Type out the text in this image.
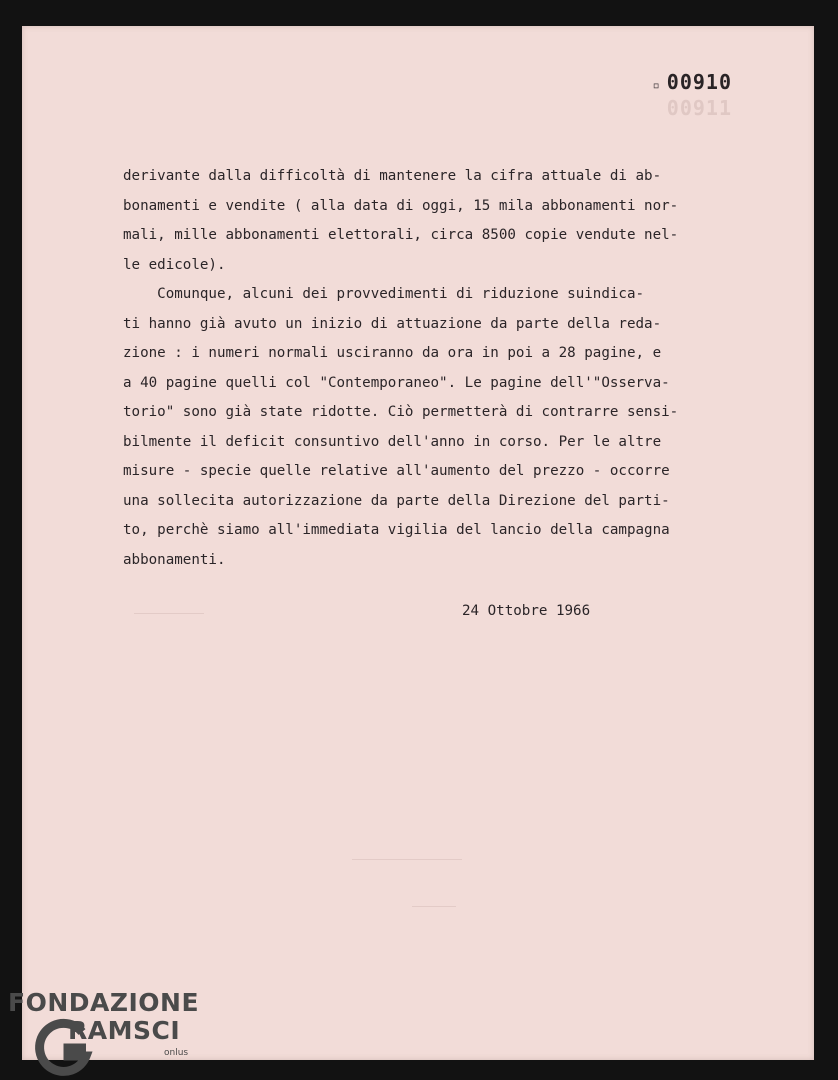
▫ 00910
00911
derivante dalla difficoltà di mantenere la cifra attuale di ab-
bonamenti e vendite ( alla data di oggi, 15 mila abbonamenti nor-
mali, mille abbonamenti elettorali, circa 8500 copie vendute nel-
le edicole).
Comunque, alcuni dei provvedimenti di riduzione suindica-
ti hanno già avuto un inizio di attuazione da parte della reda-
zione : i numeri normali usciranno da ora in poi a 28 pagine, e
a 40 pagine quelli col "Contemporaneo". Le pagine dell'"Osserva-
torio" sono già state ridotte. Ciò permetterà di contrarre sensi-
bilmente il deficit consuntivo dell'anno in corso. Per le altre
misure - specie quelle relative all'aumento del prezzo - occorre
una sollecita autorizzazione da parte della Direzione del parti-
to, perchè siamo all'immediata vigilia del lancio della campagna
abbonamenti.
24 Ottobre 1966
FONDAZIONE
RAMSCI
onlus
